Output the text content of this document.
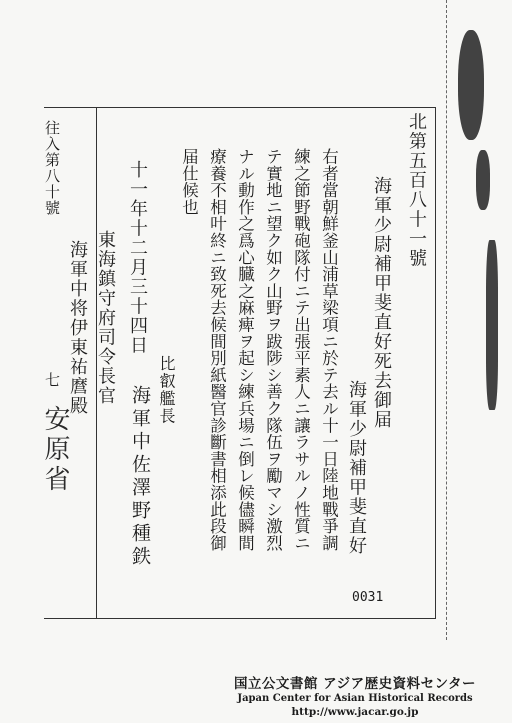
往入第八十號
七
安原省
北第五百八十一號
海軍少尉補甲斐直好死去御届
海軍少尉補甲斐直好
右者當朝鮮釜山浦草梁項ニ於テ去ル十一日陸地戰爭調
練之節野戰砲隊付ニテ出張平素人ニ讓ラサルノ性質ニ
テ實地ニ望ク如ク山野ヲ跋陟シ善ク隊伍ヲ勵マシ激烈
ナル動作之爲心臓之麻痺ヲ起シ練兵場ニ倒レ候儘瞬間
療養不相叶終ニ致死去候間別紙醫官診斷書相添此段御
届仕候也
比叡艦長
海軍中佐澤野種鉄
十一年十二月三十四日
東海鎮守府司令長官
海軍中将伊東祐麿殿
0031
国立公文書館 アジア歴史資料センター
Japan Center for Asian Historical Records
http://www.jacar.go.jp
